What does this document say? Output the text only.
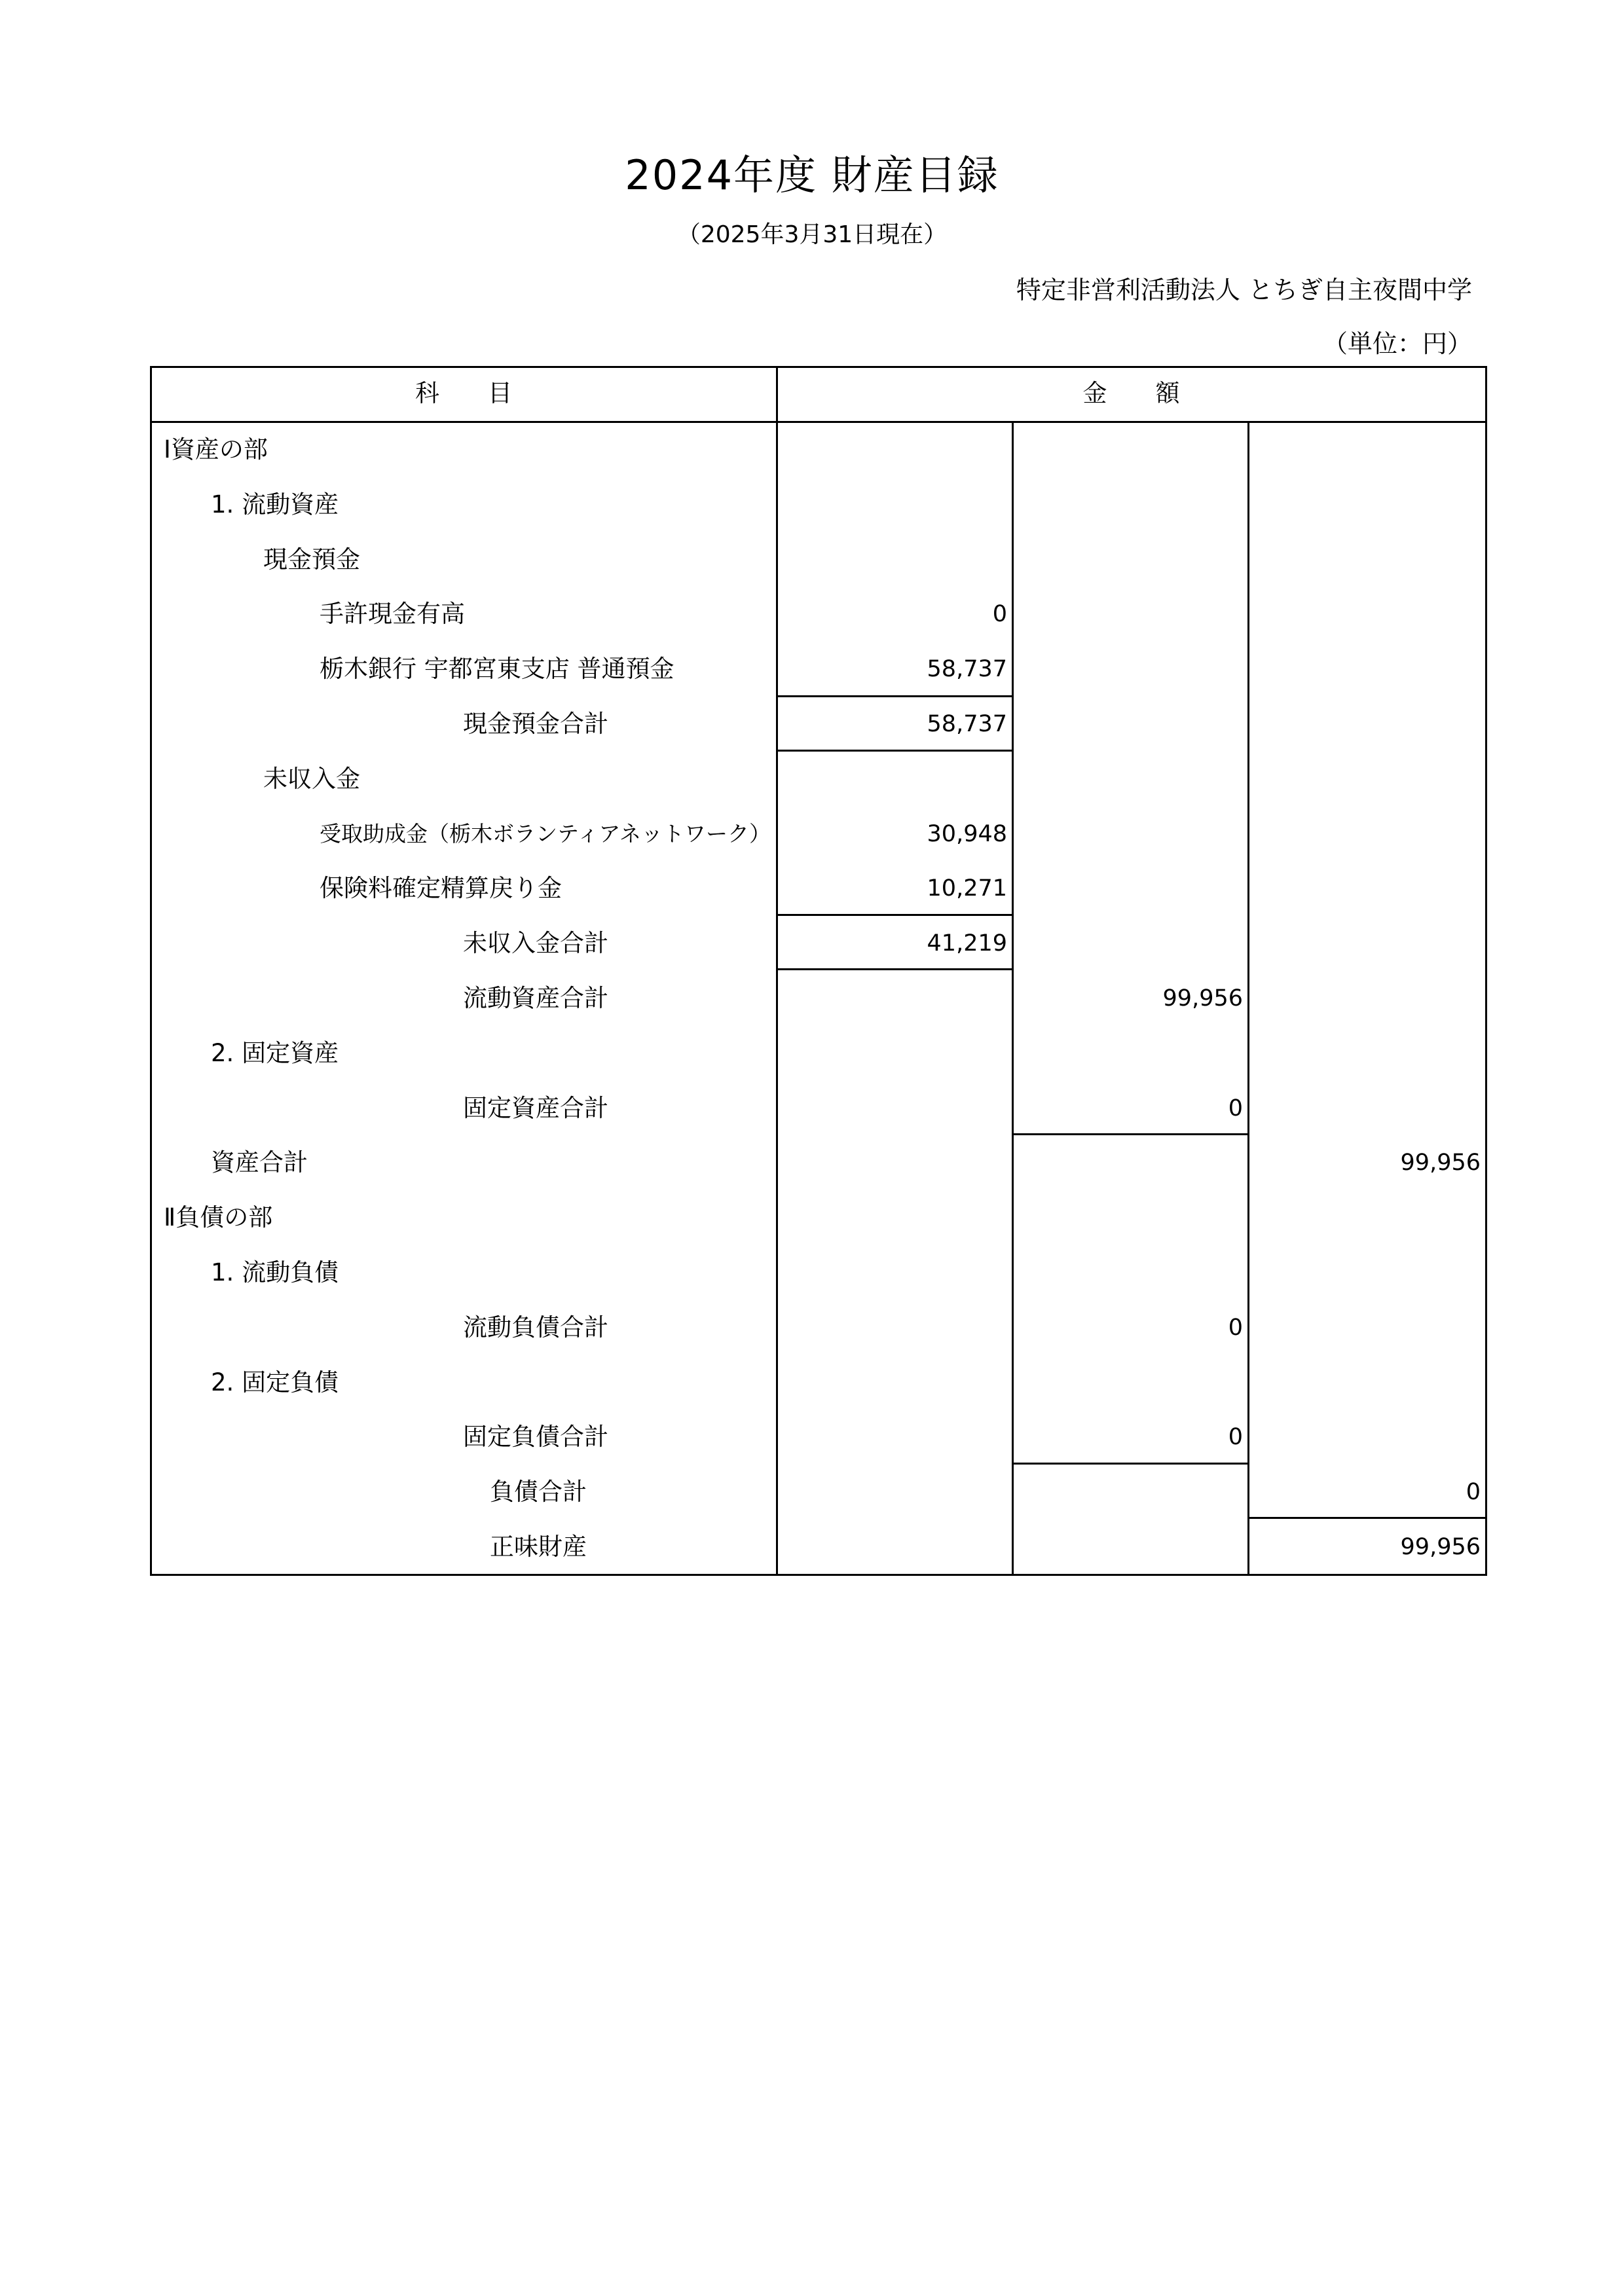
2024年度 財産目録
（2025年3月31日現在）
特定非営利活動法人 とちぎ自主夜間中学
（単位：円）
科　　目	金　　額
Ⅰ資産の部
1. 流動資産
現金預金
手許現金有高	0
栃木銀行 宇都宮東支店 普通預金	58,737
現金預金合計	58,737
未収入金
受取助成金（栃木ボランティアネットワーク）	30,948
保険料確定精算戻り金	10,271
未収入金合計	41,219
流動資産合計	99,956
2. 固定資産
固定資産合計	0
資産合計	99,956
Ⅱ負債の部
1. 流動負債
流動負債合計	0
2. 固定負債
固定負債合計	0
負債合計	0
正味財産	99,956
